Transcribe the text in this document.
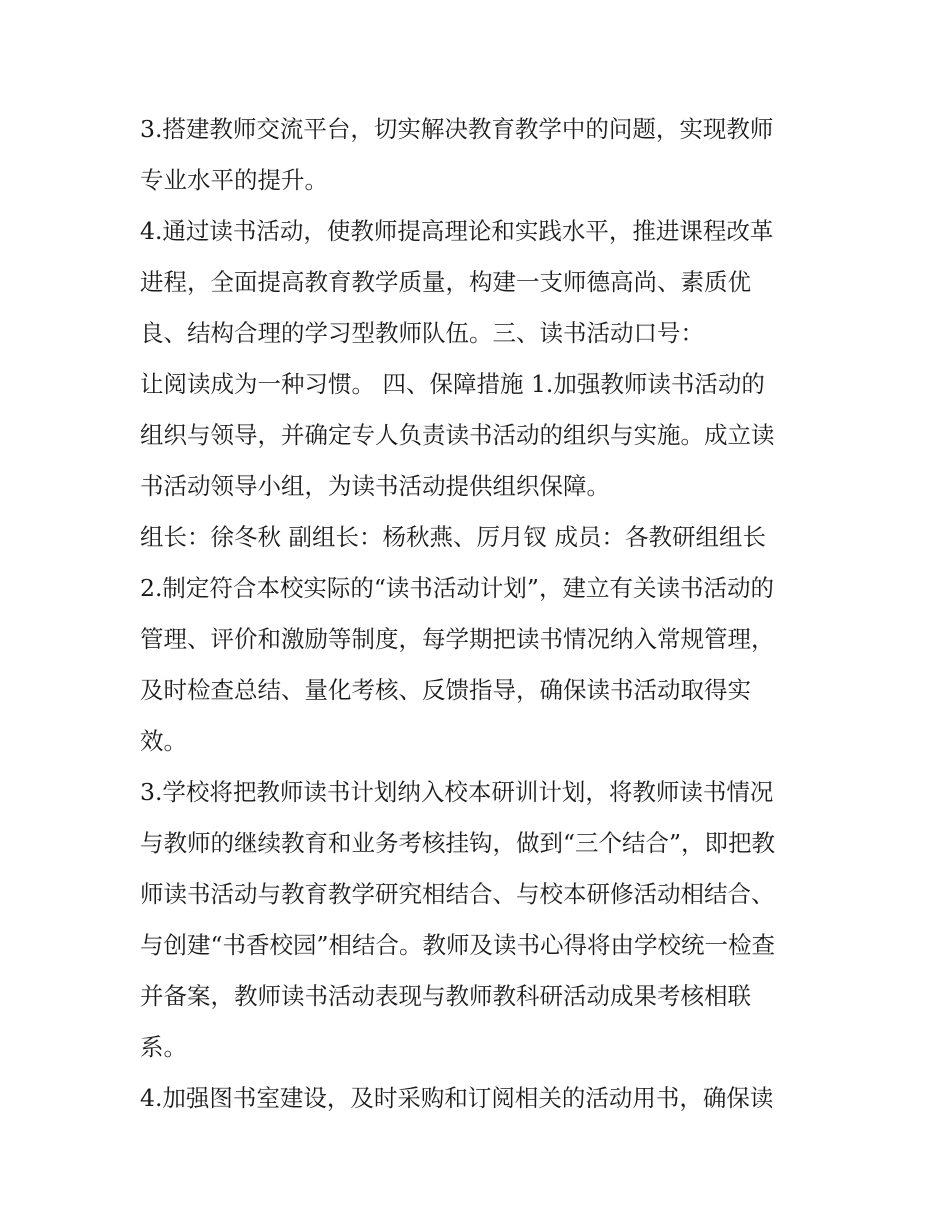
3.搭建教师交流平台，切实解决教育教学中的问题，实现教师
专业水平的提升。
4.通过读书活动，使教师提高理论和实践水平，推进课程改革
进程，全面提高教育教学质量，构建一支师德高尚、素质优
良、结构合理的学习型教师队伍。三、读书活动口号：
让阅读成为一种习惯。 四、保障措施 1.加强教师读书活动的
组织与领导，并确定专人负责读书活动的组织与实施。成立读
书活动领导小组，为读书活动提供组织保障。
组长：徐冬秋 副组长：杨秋燕、厉月钗 成员：各教研组组长
2.制定符合本校实际的“读书活动计划”，建立有关读书活动的
管理、评价和激励等制度，每学期把读书情况纳入常规管理，
及时检查总结、量化考核、反馈指导，确保读书活动取得实
效。
3.学校将把教师读书计划纳入校本研训计划，将教师读书情况
与教师的继续教育和业务考核挂钩，做到“三个结合”，即把教
师读书活动与教育教学研究相结合、与校本研修活动相结合、
与创建“书香校园”相结合。教师及读书心得将由学校统一检查
并备案，教师读书活动表现与教师教科研活动成果考核相联
系。
4.加强图书室建设，及时采购和订阅相关的活动用书，确保读
